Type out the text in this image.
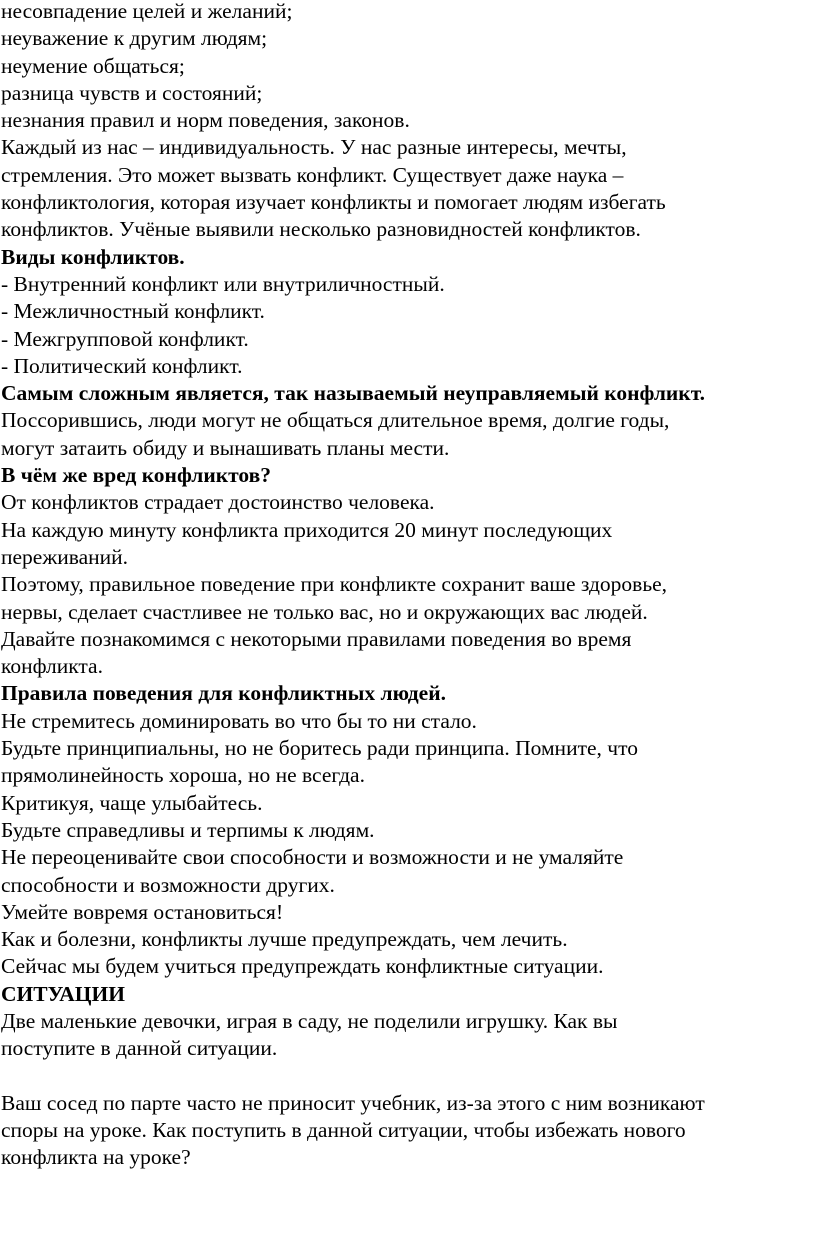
несовпадение целей и желаний;

неуважение к другим людям;

неумение общаться;

разница чувств и состояний;

незнания правил и норм поведения, законов.

Каждый из нас – индивидуальность. У нас разные интересы, мечты,

стремления. Это может вызвать конфликт. Существует даже наука –

конфликтология, которая изучает конфликты и помогает людям избегать

конфликтов. Учёные выявили несколько разновидностей конфликтов.

Виды конфликтов.

- Внутренний конфликт или внутриличностный.

- Межличностный конфликт.

- Межгрупповой конфликт.

- Политический конфликт.

Самым сложным является, так называемый неуправляемый конфликт.

Поссорившись, люди могут не общаться длительное время, долгие годы,

могут затаить обиду и вынашивать планы мести.

В чём же вред конфликтов?

От конфликтов страдает достоинство человека.

На каждую минуту конфликта приходится 20 минут последующих

переживаний.

Поэтому, правильное поведение при конфликте сохранит ваше здоровье,

нервы, сделает счастливее не только вас, но и окружающих вас людей.

Давайте познакомимся с некоторыми правилами поведения во время

конфликта.

Правила поведения для конфликтных людей.

Не стремитесь доминировать во что бы то ни стало.

Будьте принципиальны, но не боритесь ради принципа. Помните, что

прямолинейность хороша, но не всегда.

Критикуя, чаще улыбайтесь.

Будьте справедливы и терпимы к людям.

Не переоценивайте свои способности и возможности и не умаляйте

способности и возможности других.

Умейте вовремя остановиться!

Как и болезни, конфликты лучше предупреждать, чем лечить.

Сейчас мы будем учиться предупреждать конфликтные ситуации.

СИТУАЦИИ

Две маленькие девочки, играя в саду, не поделили игрушку. Как вы

поступите в данной ситуации.

Ваш сосед по парте часто не приносит учебник, из-за этого с ним возникают

споры на уроке. Как поступить в данной ситуации, чтобы избежать нового

конфликта на уроке?
